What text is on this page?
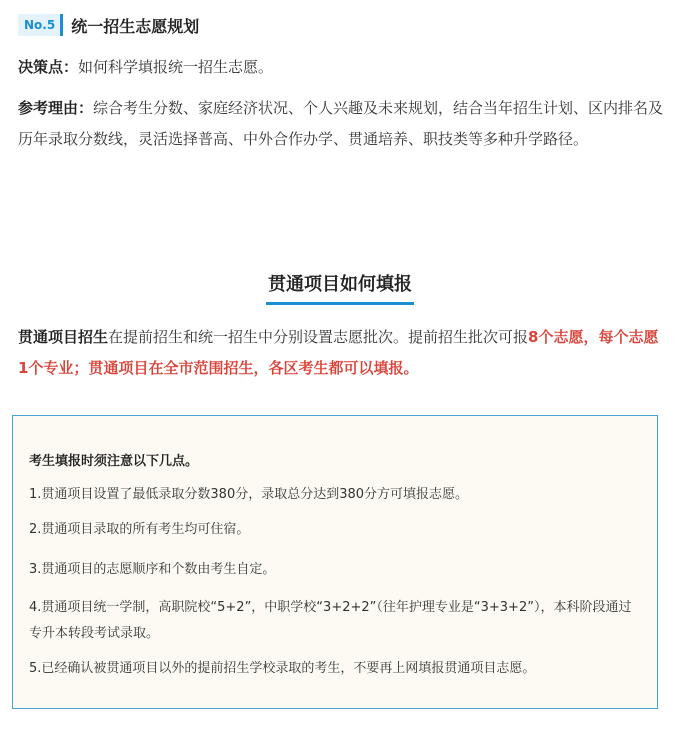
No.5	统一招生志愿规划
决策点：如何科学填报统一招生志愿。
参考理由：综合考生分数、家庭经济状况、个人兴趣及未来规划，结合当年招生计划、区内排名及历年录取分数线，灵活选择普高、中外合作办学、贯通培养、职技类等多种升学路径。
贯通项目如何填报
贯通项目招生在提前招生和统一招生中分别设置志愿批次。提前招生批次可报8个志愿，每个志愿1个专业；贯通项目在全市范围招生，各区考生都可以填报。
考生填报时须注意以下几点。
1.贯通项目设置了最低录取分数380分，录取总分达到380分方可填报志愿。
2.贯通项目录取的所有考生均可住宿。
3.贯通项目的志愿顺序和个数由考生自定。
4.贯通项目统一学制，高职院校“5+2”，中职学校“3+2+2”（往年护理专业是“3+3+2”），本科阶段通过专升本转段考试录取。
5.已经确认被贯通项目以外的提前招生学校录取的考生，不要再上网填报贯通项目志愿。
